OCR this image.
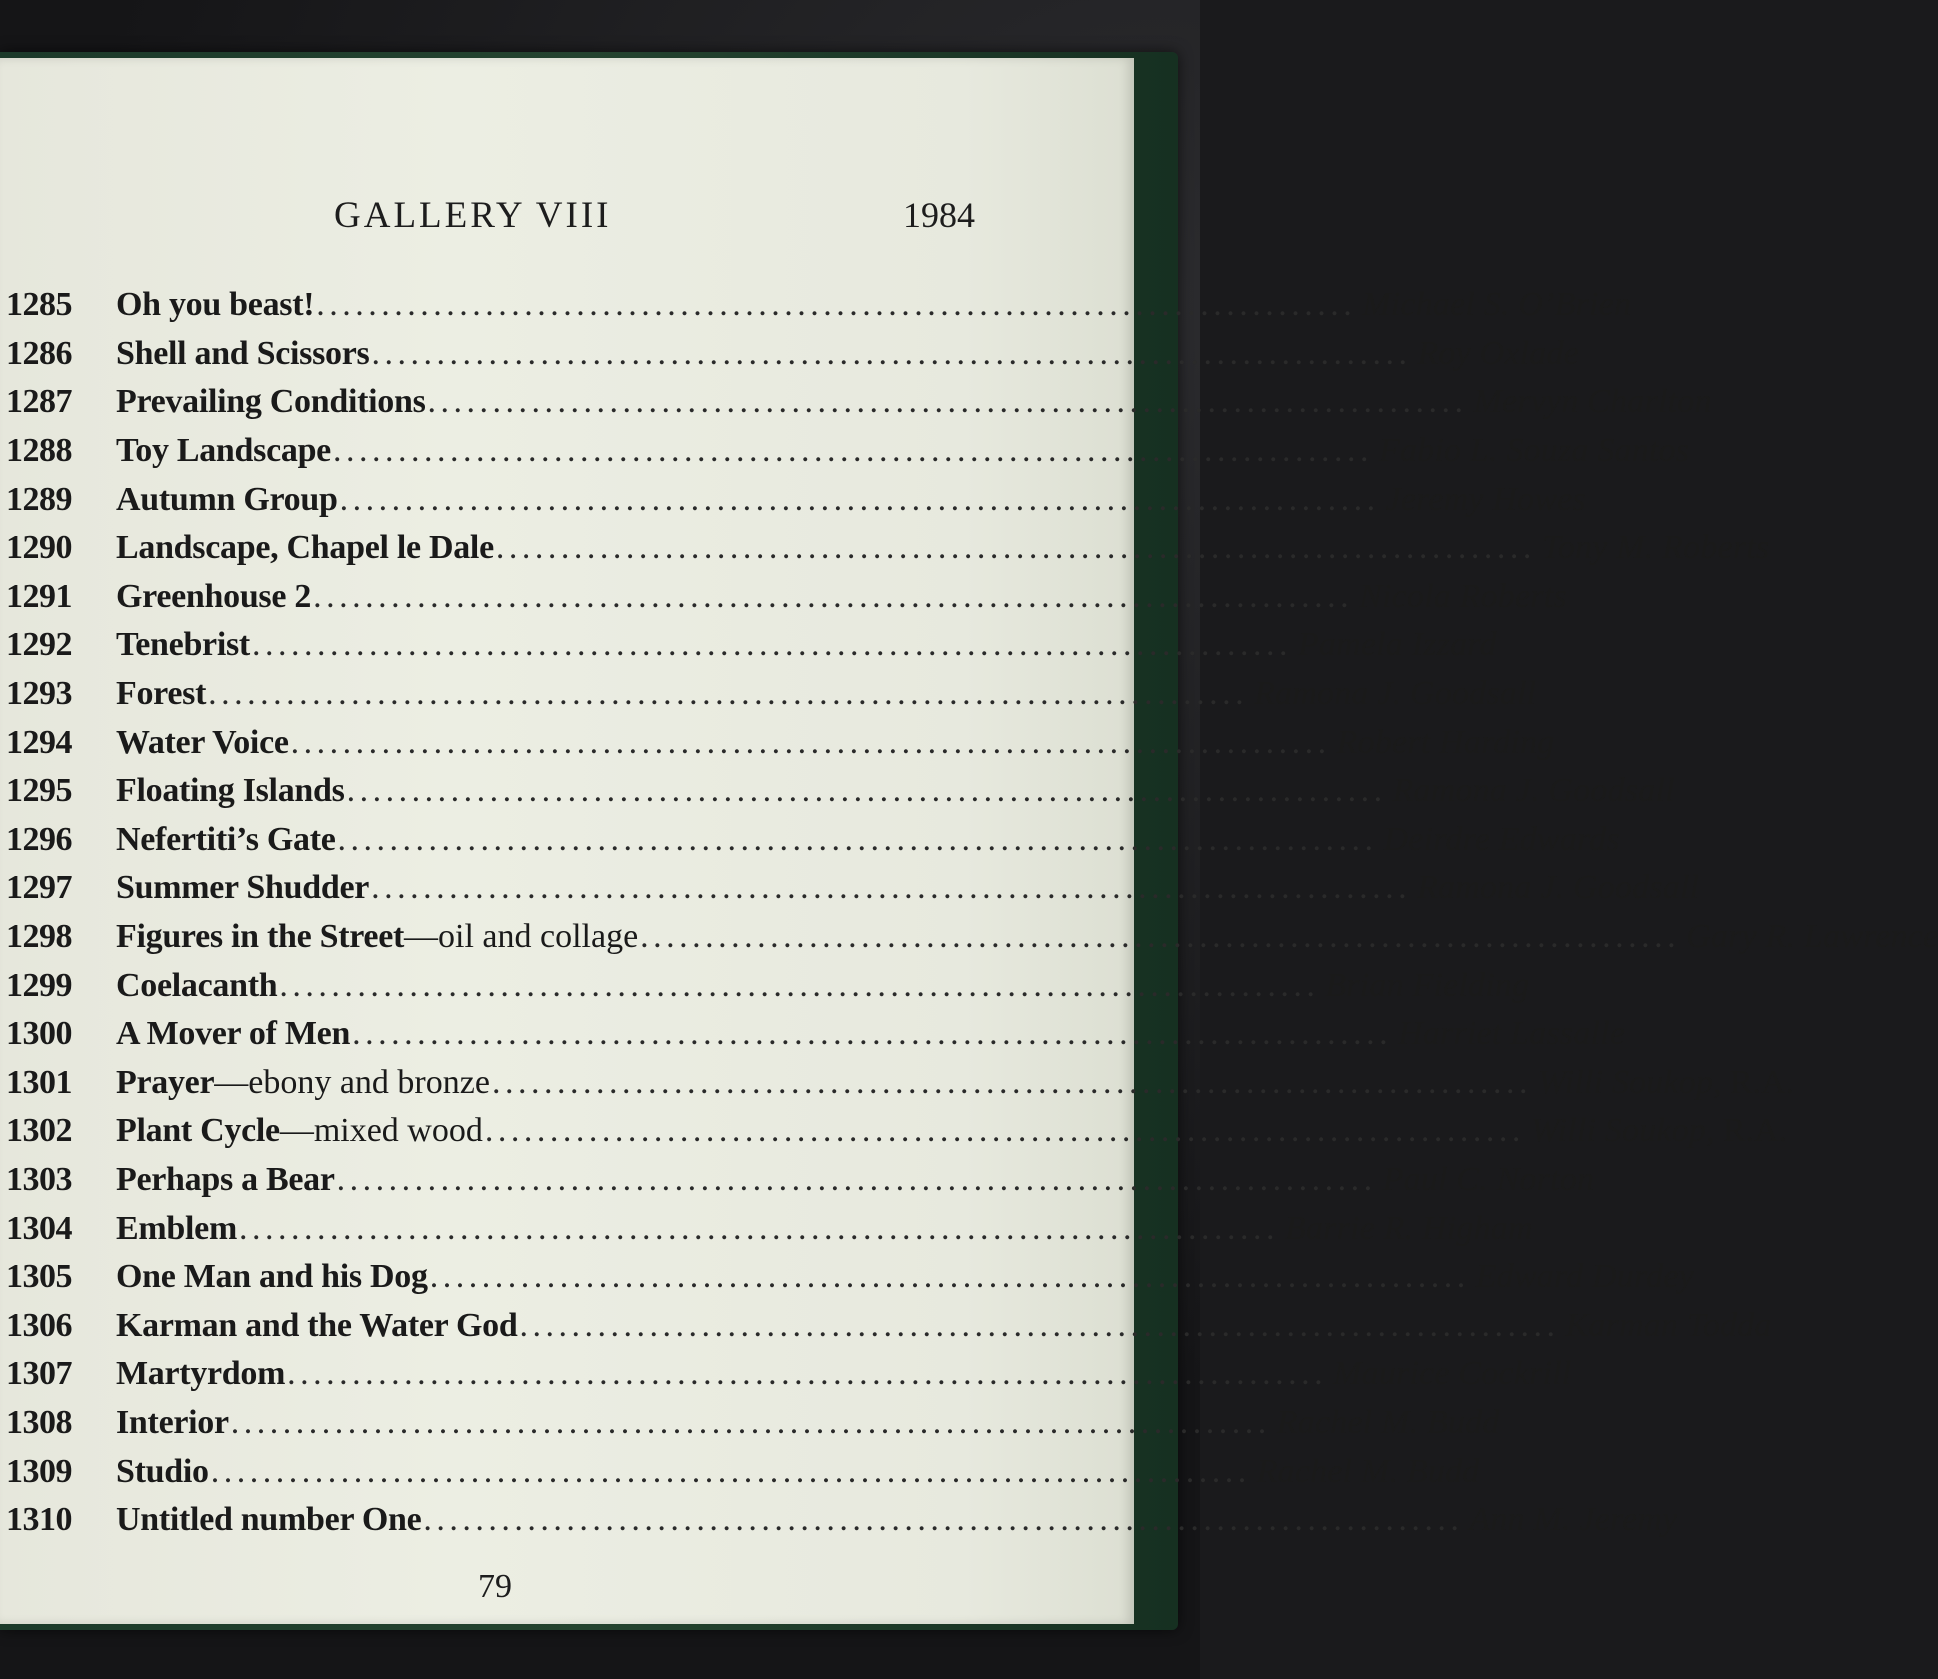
GALLERY VIII	1984
1285	Oh you beast! ................................................................................ Michael S. O’Brien
1286	Shell and Scissors ................................................................................ Roy Oxlade
1287	Prevailing Conditions ................................................................................ Mervyn Charlton
1288	Toy Landscape ................................................................................ Fabio L. Souza Santos
1289	Autumn Group ................................................................................ Jeremy Howes
1290	Landscape, Chapel le Dale ................................................................................ Tony M. Roberts
1291	Greenhouse 2 ................................................................................ Nicola Roberts
1292	Tenebrist ................................................................................ Pamela Izzard
1293	Forest ................................................................................ Ramona J. Goodsall
1294	Water Voice ................................................................................ Robert Harding
1295	Floating Islands ................................................................................ Ramona J. Goodsall
1296	Nefertiti’s Gate ................................................................................ Deirdre Edwards
1297	Summer Shudder ................................................................................ Ramona J. Goodsall
1298	Figures in the Street —oil and collage ................................................................................ Gary R. Lawrence
1299	Coelacanth ................................................................................ Brian Fielding
1300	A Mover of Men ................................................................................ Harriet Lassalle
1301	Prayer —ebony and bronze ................................................................................ Willi Soukop, R.A.
1302	Plant Cycle —mixed wood ................................................................................ Willi Soukop, R.A.
1303	Perhaps a Bear ................................................................................ Paul C. Norton
1304	Emblem ................................................................................ Barrie R. Higham
1305	One Man and his Dog ................................................................................ Edward Durdey
1306	Karman and the Water God ................................................................................ Karman Todda
1307	Martyrdom ................................................................................ Maurice Cockrill
1308	Interior ................................................................................ Rachel M. Budd
1309	Studio ................................................................................ Rachel M. Budd
1310	Untitled number One ................................................................................ Ann M. Jeremy
79
